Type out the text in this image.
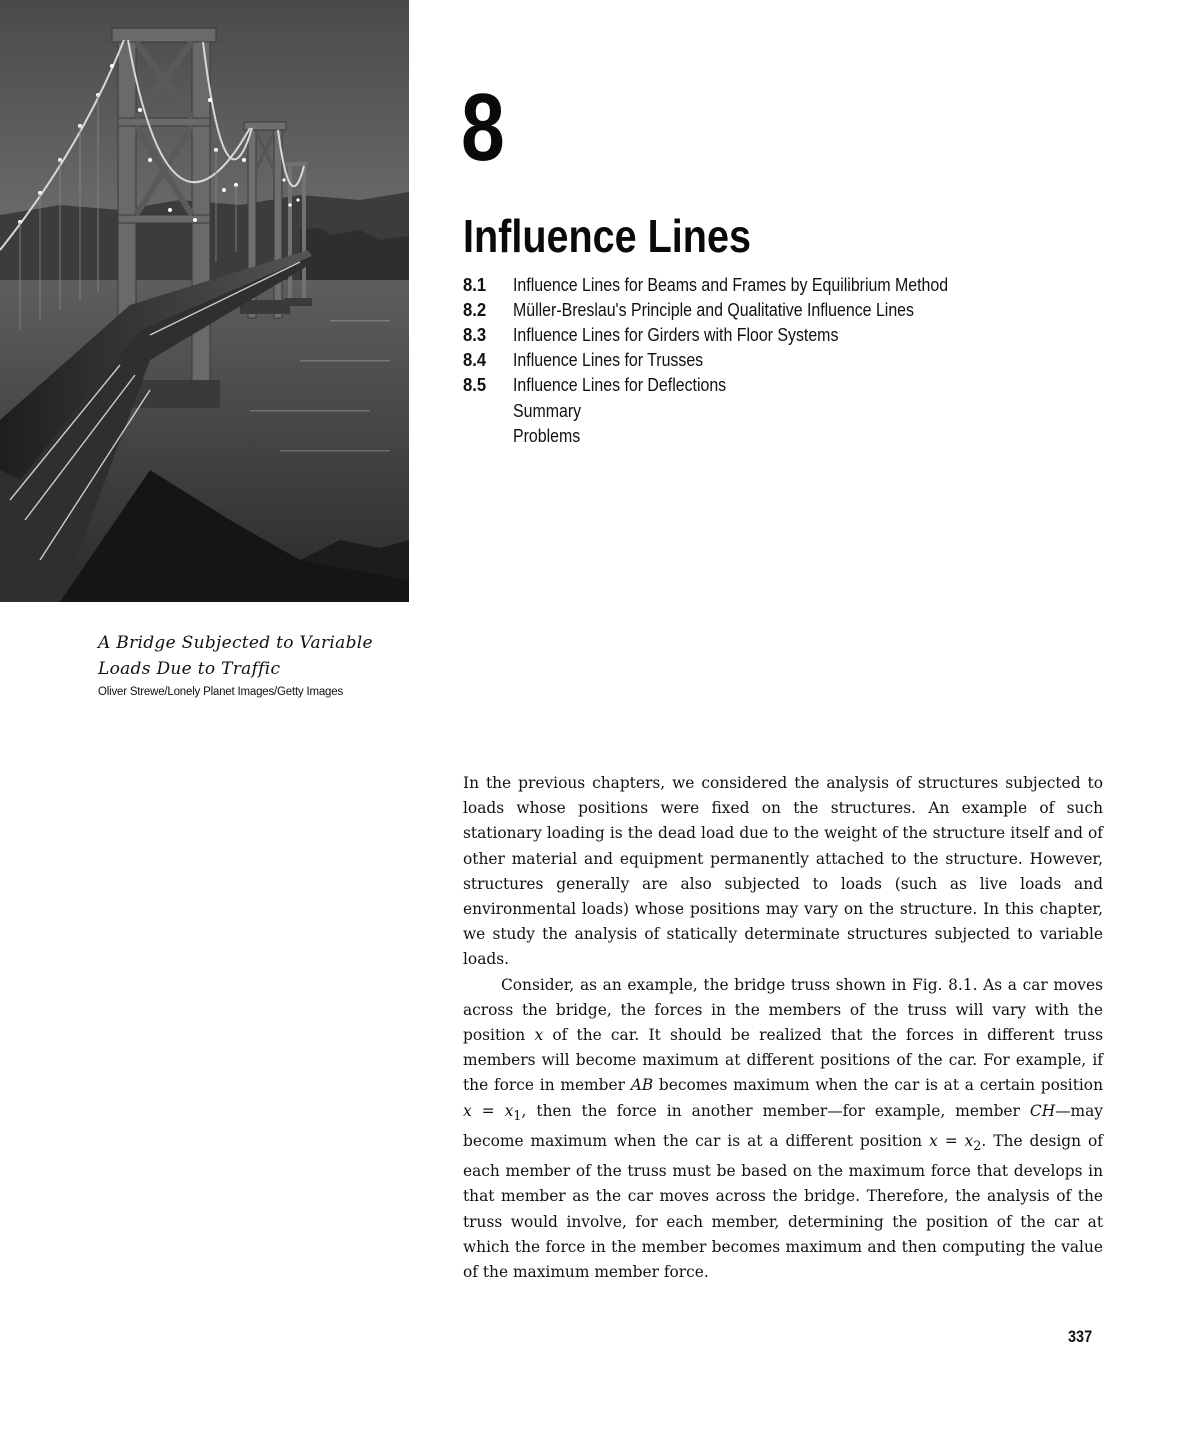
A Bridge Subjected to Variable
Loads Due to Traffic
Oliver Strewe/Lonely Planet Images/Getty Images
8
Influence Lines
8.1	Influence Lines for Beams and Frames by Equilibrium Method
8.2	Müller-Breslau's Principle and Qualitative Influence Lines
8.3	Influence Lines for Girders with Floor Systems
8.4	Influence Lines for Trusses
8.5	Influence Lines for Deflections
Summary
Problems

In the previous chapters, we considered the analysis of structures subjected to loads whose positions were fixed on the structures. An example of such stationary loading is the dead load due to the weight of the structure itself and of other material and equipment permanently attached to the structure. However, structures generally are also subjected to loads (such as live loads and environmental loads) whose positions may vary on the structure. In this chapter, we study the analysis of statically determinate structures subjected to variable loads.

Consider, as an example, the bridge truss shown in Fig. 8.1. As a car moves across the bridge, the forces in the members of the truss will vary with the position x of the car. It should be realized that the forces in different truss members will become maximum at different positions of the car. For example, if the force in member AB becomes maximum when the car is at a certain position $x = x_1$, then the force in another member—for example, member CH—may become maximum when the car is at a different position $x = x_2$. The design of each member of the truss must be based on the maximum force that develops in that member as the car moves across the bridge. Therefore, the analysis of the truss would involve, for each member, determining the position of the car at which the force in the member becomes maximum and then computing the value of the maximum member force.

337
